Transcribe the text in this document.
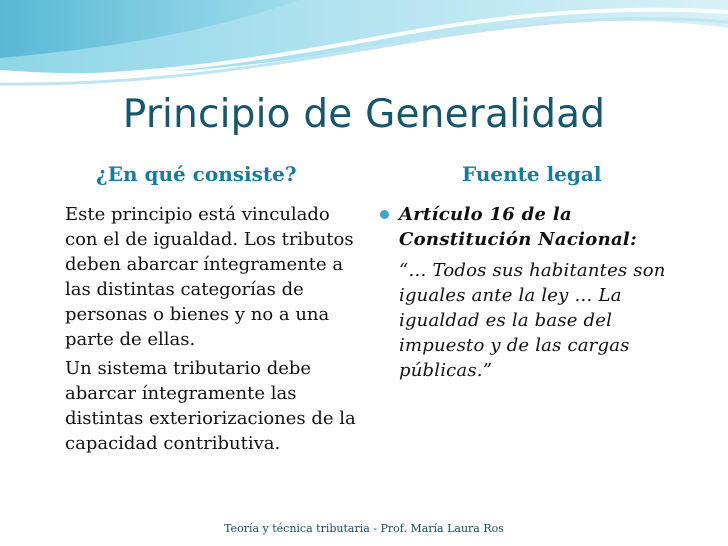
Principio de Generalidad
¿En qué consiste?	Fuente legal

Este principio está vinculado con el de igualdad. Los tributos deben abarcar íntegramente a las distintas categorías de personas o bienes y no a una parte de ellas.

Un sistema tributario debe abarcar íntegramente las distintas exteriorizaciones de la capacidad contributiva.

Artículo 16 de la Constitución Nacional:
“… Todos sus habitantes son iguales ante la ley … La igualdad es la base del impuesto y de las cargas públicas.”
Teoría y técnica tributaria - Prof. María Laura Ros
